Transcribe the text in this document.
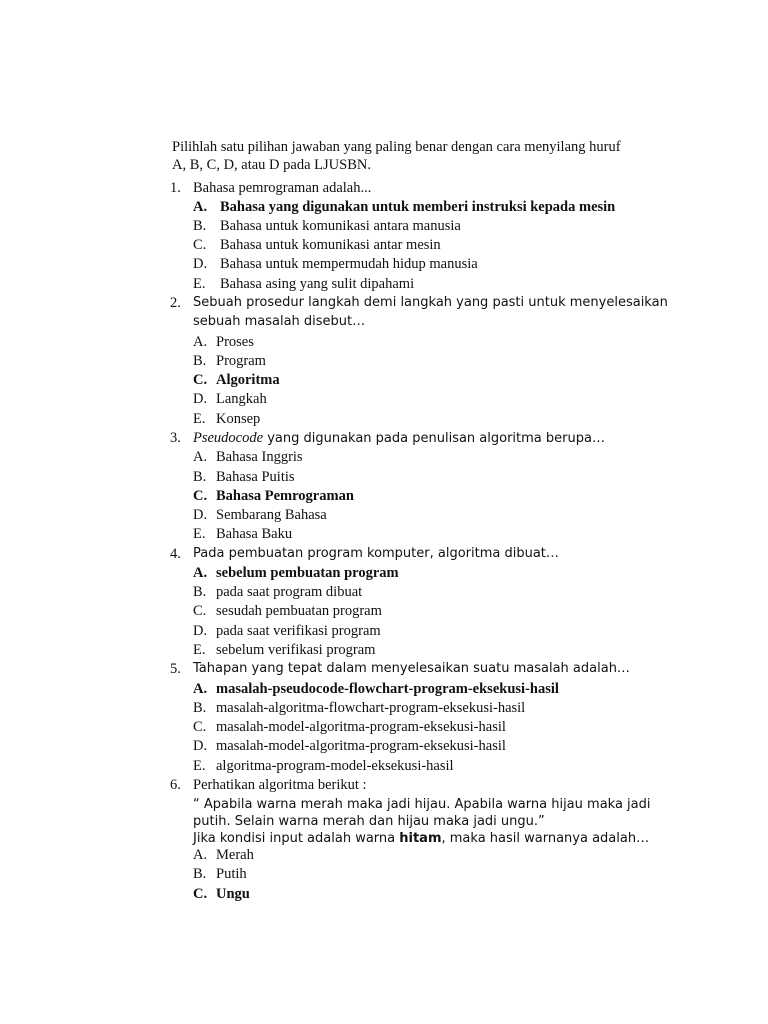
Pilihlah satu pilihan jawaban yang paling benar dengan cara menyilang huruf
A, B, C, D, atau D pada LJUSBN.
1. Bahasa pemrograman adalah...
A. Bahasa yang digunakan untuk memberi instruksi kepada mesin
B. Bahasa untuk komunikasi antara manusia
C. Bahasa untuk komunikasi antar mesin
D. Bahasa untuk mempermudah hidup manusia
E. Bahasa asing yang sulit dipahami
2. Sebuah prosedur langkah demi langkah yang pasti untuk menyelesaikan
sebuah masalah disebut…
A. Proses
B. Program
C. Algoritma
D. Langkah
E. Konsep
3. Pseudocode yang digunakan pada penulisan algoritma berupa…
A. Bahasa Inggris
B. Bahasa Puitis
C. Bahasa Pemrograman
D. Sembarang Bahasa
E. Bahasa Baku
4. Pada pembuatan program komputer, algoritma dibuat…
A. sebelum pembuatan program
B. pada saat program dibuat
C. sesudah pembuatan program
D. pada saat verifikasi program
E. sebelum verifikasi program
5. Tahapan yang tepat dalam menyelesaikan suatu masalah adalah…
A. masalah-pseudocode-flowchart-program-eksekusi-hasil
B. masalah-algoritma-flowchart-program-eksekusi-hasil
C. masalah-model-algoritma-program-eksekusi-hasil
D. masalah-model-algoritma-program-eksekusi-hasil
E. algoritma-program-model-eksekusi-hasil
6. Perhatikan algoritma berikut :
“ Apabila warna merah maka jadi hijau. Apabila warna hijau maka jadi
putih. Selain warna merah dan hijau maka jadi ungu.”
Jika kondisi input adalah warna hitam, maka hasil warnanya adalah…
A. Merah
B. Putih
C. Ungu
